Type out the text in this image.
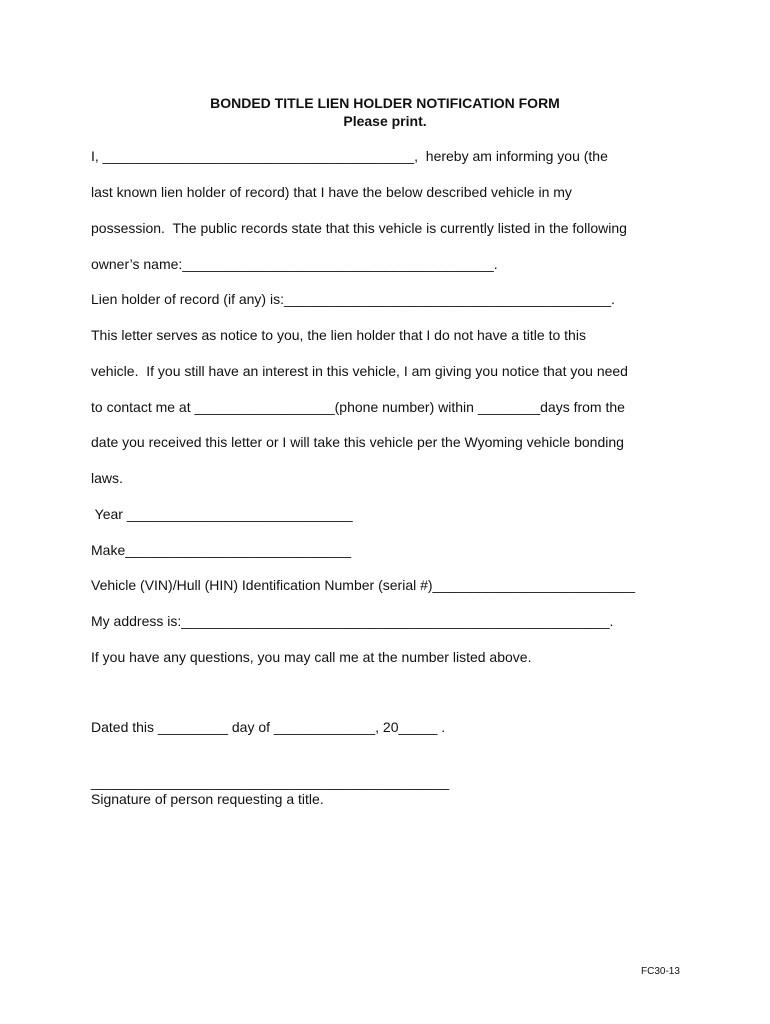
BONDED TITLE LIEN HOLDER NOTIFICATION FORM
Please print.
I, ________________________________________,  hereby am informing you (the
last known lien holder of record) that I have the below described vehicle in my
possession.  The public records state that this vehicle is currently listed in the following
owner’s name:________________________________________.
Lien holder of record (if any) is:__________________________________________.
This letter serves as notice to you, the lien holder that I do not have a title to this
vehicle.  If you still have an interest in this vehicle, I am giving you notice that you need
to contact me at __________________(phone number) within ________days from the
date you received this letter or I will take this vehicle per the Wyoming vehicle bonding
laws.
Year _____________________________
Make_____________________________
Vehicle (VIN)/Hull (HIN) Identification Number (serial #)__________________________
My address is:_______________________________________________________.
If you have any questions, you may call me at the number listed above.
Dated this _________ day of _____________, 20_____ .
______________________________________________
Signature of person requesting a title.
FC30-13
